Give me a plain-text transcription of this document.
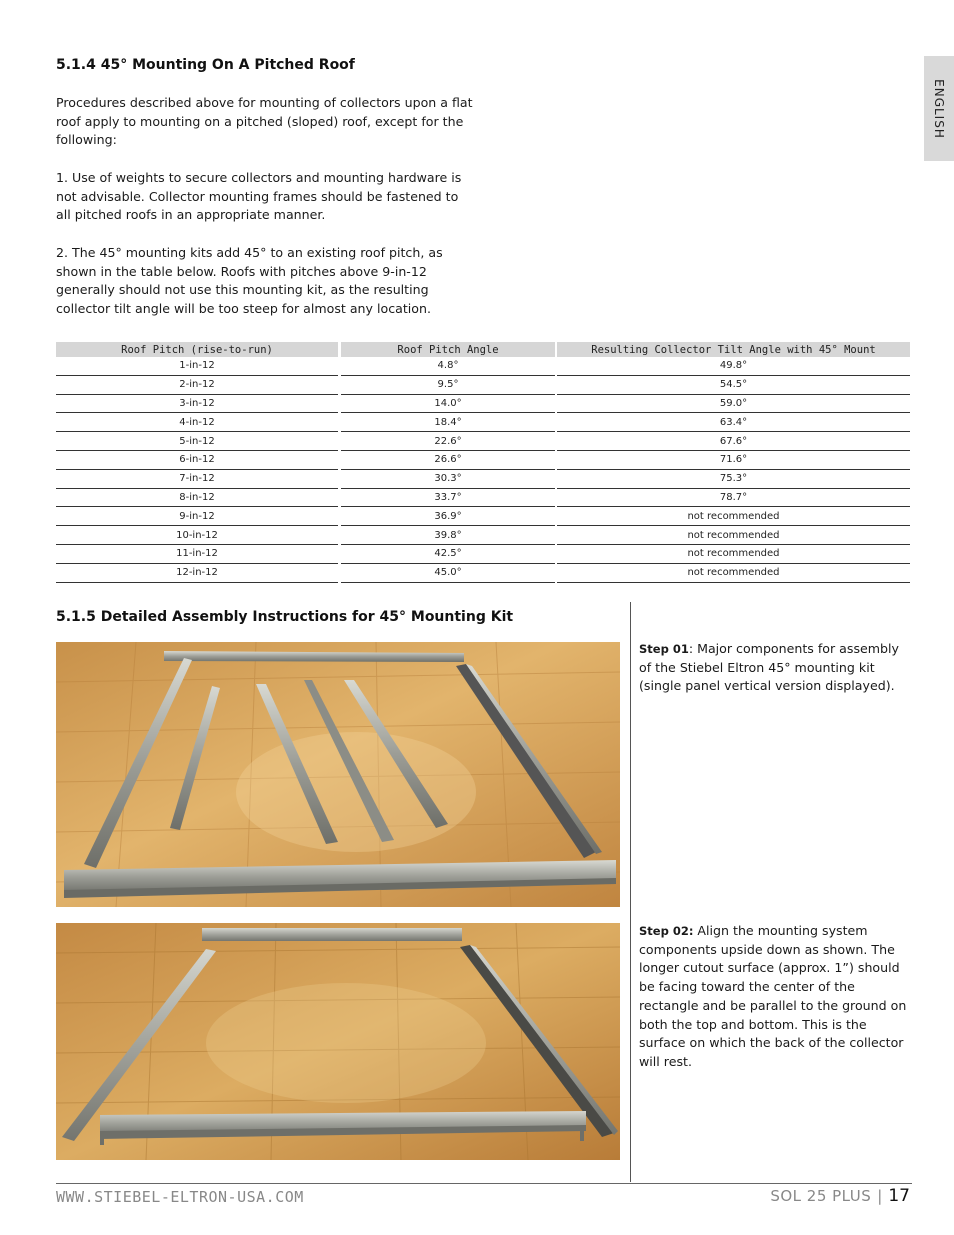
ENGLISH
5.1.4 45° Mounting On A Pitched Roof

Procedures described above for mounting of collectors upon a flat roof apply to mounting on a pitched (sloped) roof, except for the following:

1. Use of weights to secure collectors and mounting hardware is not advisable. Collector mounting frames should be fastened to all pitched roofs in an appropriate manner.

2. The 45° mounting kits add 45° to an existing roof pitch, as shown in the table below. Roofs with pitches above 9-in-12 generally should not use this mounting kit, as the resulting collector tilt angle will be too steep for almost any location.

Roof Pitch (rise-to-run)	Roof Pitch Angle	Resulting Collector Tilt Angle with 45° Mount
1-in-12	4.8°	49.8°
2-in-12	9.5°	54.5°
3-in-12	14.0°	59.0°
4-in-12	18.4°	63.4°
5-in-12	22.6°	67.6°
6-in-12	26.6°	71.6°
7-in-12	30.3°	75.3°
8-in-12	33.7°	78.7°
9-in-12	36.9°	not recommended
10-in-12	39.8°	not recommended
11-in-12	42.5°	not recommended
12-in-12	45.0°	not recommended
5.1.5 Detailed Assembly Instructions for 45° Mounting Kit

Step 01: Major components for assembly of the Stiebel Eltron 45° mounting kit (single panel vertical version displayed).

Step 02: Align the mounting system components upside down as shown. The longer cutout surface (approx. 1”) should be facing toward the center of the rectangle and be parallel to the ground on both the top and bottom. This is the surface on which the back of the collector will rest.

WWW.STIEBEL-ELTRON-USA.COM	SOL 25 PLUS | 17
